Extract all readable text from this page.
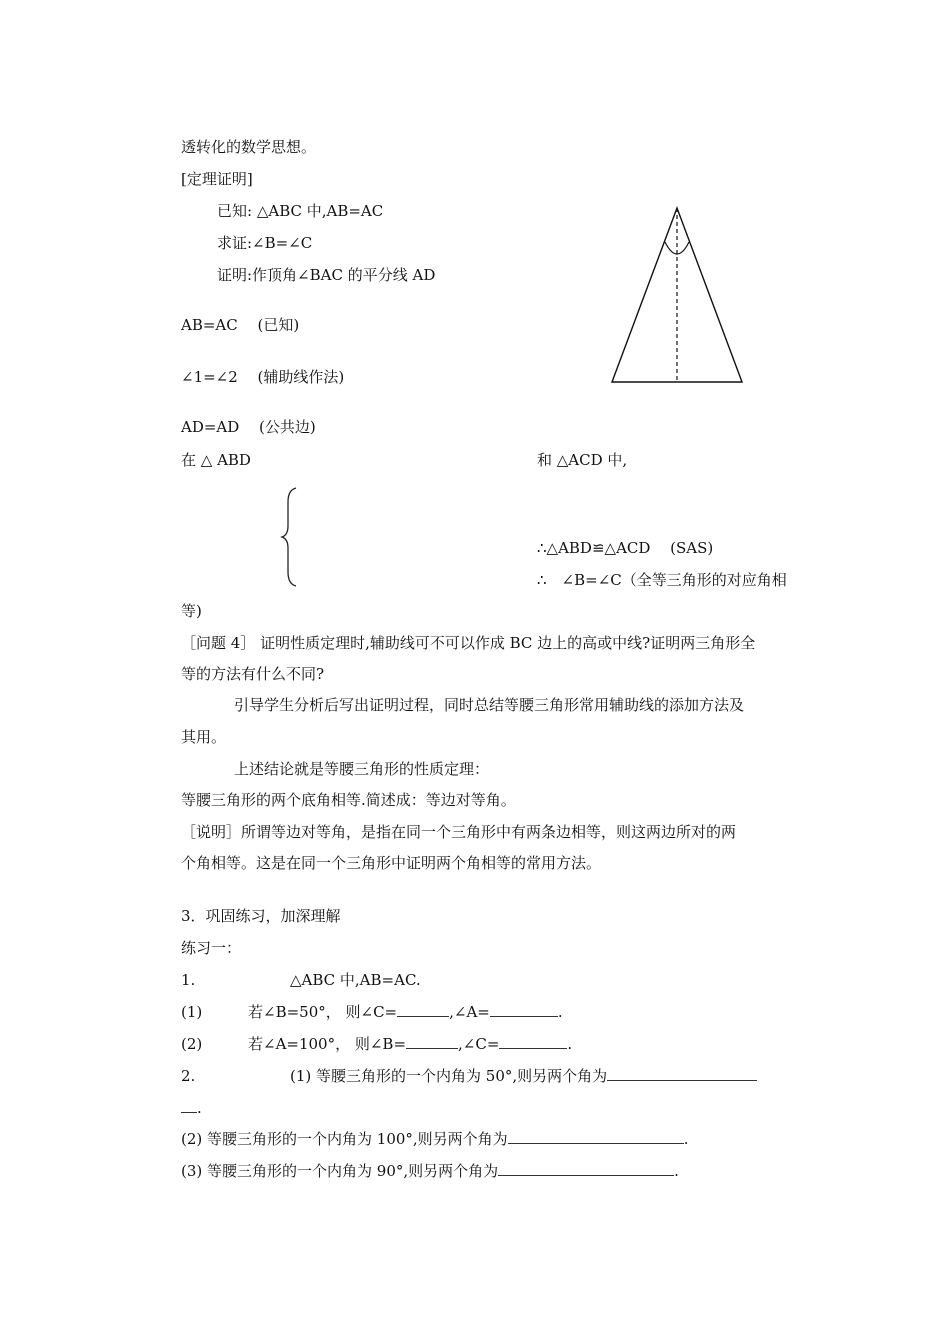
透转化的数学思想。
[定理证明]
已知: △ABC 中,AB=AC
求证:∠B=∠C
证明:作顶角∠BAC 的平分线 AD
AB=AC　 (已知)
∠1=∠2　 (辅助线作法)
AD=AD　 (公共边)
在 △ ABD	和 △ACD 中,
∴△ABD≌△ACD　 (SAS)
∴　∠B=∠C（全等三角形的对应角相
等)
［问题 4］ 证明性质定理时,辅助线可不可以作成 BC 边上的高或中线?证明两三角形全
等的方法有什么不同?
引导学生分析后写出证明过程，同时总结等腰三角形常用辅助线的添加方法及
其用。
上述结论就是等腰三角形的性质定理：
等腰三角形的两个底角相等.简述成：等边对等角。
［说明］所谓等边对等角，是指在同一个三角形中有两条边相等，则这两边所对的两
个角相等。这是在同一个三角形中证明两个角相等的常用方法。
3．巩固练习，加深理解
练习一：
1.	△ABC 中,AB=AC.
(1)	若∠B=50°， 则∠C=	,∠A=	.
(2)	若∠A=100°， 则∠B=	,∠C=	.
2.	(1) 等腰三角形的一个内角为 50°,则另两个角为
.
(2) 等腰三角形的一个内角为 100°,则另两个角为	.
(3) 等腰三角形的一个内角为 90°,则另两个角为	.
